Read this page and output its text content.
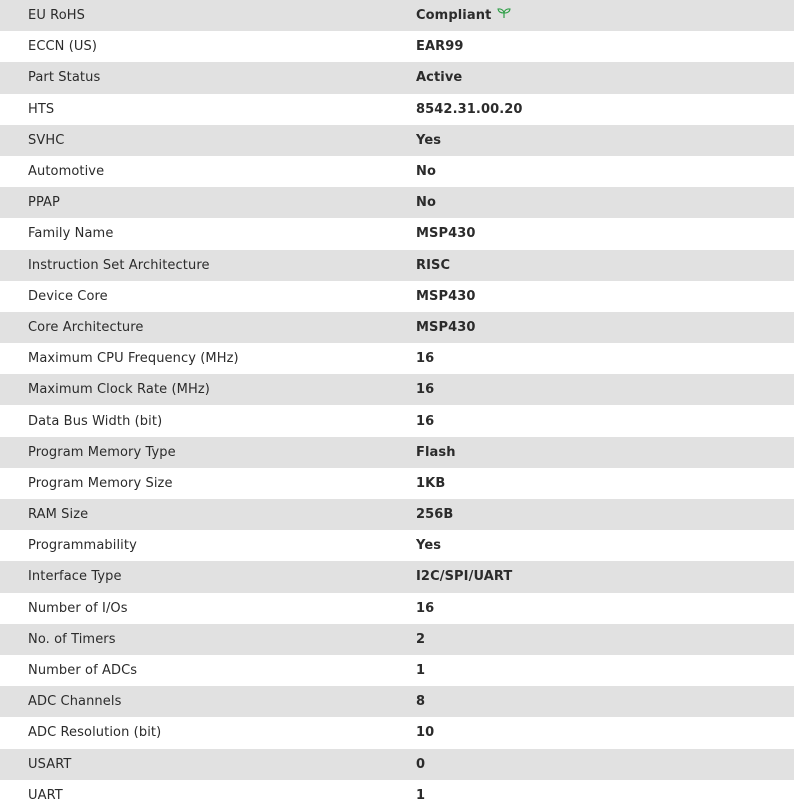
EU RoHS	Compliant
ECCN (US)	EAR99
Part Status	Active
HTS	8542.31.00.20
SVHC	Yes
Automotive	No
PPAP	No
Family Name	MSP430
Instruction Set Architecture	RISC
Device Core	MSP430
Core Architecture	MSP430
Maximum CPU Frequency (MHz)	16
Maximum Clock Rate (MHz)	16
Data Bus Width (bit)	16
Program Memory Type	Flash
Program Memory Size	1KB
RAM Size	256B
Programmability	Yes
Interface Type	I2C/SPI/UART
Number of I/Os	16
No. of Timers	2
Number of ADCs	1
ADC Channels	8
ADC Resolution (bit)	10
USART	0
UART	1
